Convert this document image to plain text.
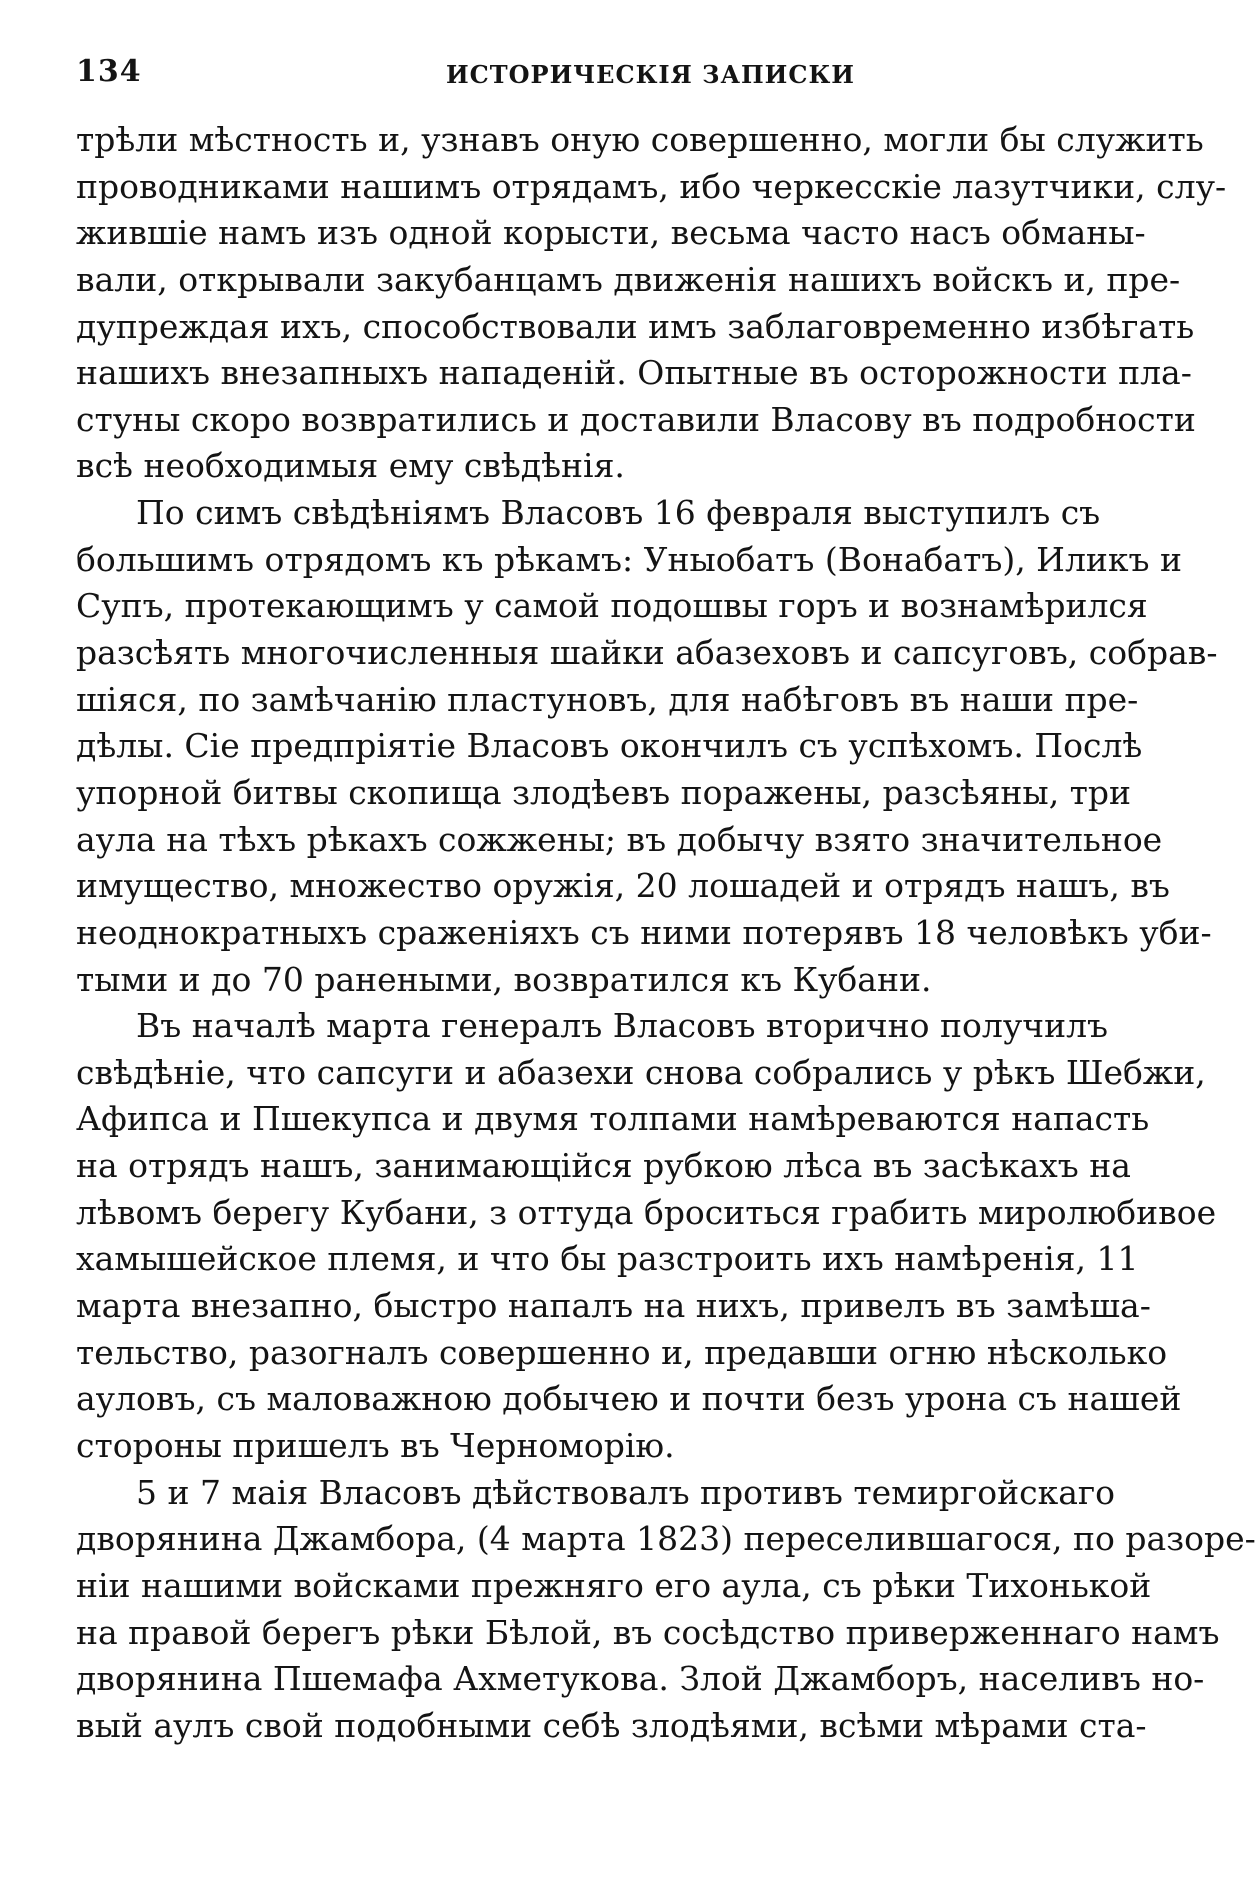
134	ИСТОРИЧЕСКІЯ ЗАПИСКИ
трѣли мѣстность и, узнавъ оную совершенно, могли бы служить
проводниками нашимъ отрядамъ, ибо черкесскіе лазутчики, слу-
жившіе намъ изъ одной корысти, весьма часто насъ обманы-
вали, открывали закубанцамъ движенія нашихъ войскъ и, пре-
дупреждая ихъ, способствовали имъ заблаговременно избѣгать
нашихъ внезапныхъ нападеній. Опытные въ осторожности пла-
стуны скоро возвратились и доставили Власову въ подробности
всѣ необходимыя ему свѣдѣнія.
По симъ свѣдѣніямъ Власовъ 16 февраля выступилъ съ
большимъ отрядомъ къ рѣкамъ: Уныобатъ (Вонабатъ), Иликъ и
Супъ, протекающимъ у самой подошвы горъ и вознамѣрился
разсѣять многочисленныя шайки абазеховъ и сапсуговъ, собрав-
шіяся, по замѣчанію пластуновъ, для набѣговъ въ наши пре-
дѣлы. Сіе предпріятіе Власовъ окончилъ съ успѣхомъ. Послѣ
упорной битвы скопища злодѣевъ поражены, разсѣяны, три
аула на тѣхъ рѣкахъ сожжены; въ добычу взято значительное
имущество, множество оружія, 20 лошадей и отрядъ нашъ, въ
неоднократныхъ сраженіяхъ съ ними потерявъ 18 человѣкъ уби-
тыми и до 70 ранеными, возвратился къ Кубани.
Въ началѣ марта генералъ Власовъ вторично получилъ
свѣдѣніе, что сапсуги и абазехи снова собрались у рѣкъ Шебжи,
Афипса и Пшекупса и двумя толпами намѣреваются напасть
на отрядъ нашъ, занимающійся рубкою лѣса въ засѣкахъ на
лѣвомъ берегу Кубани, з оттуда броситься грабить миролюбивое
хамышейское племя, и что бы разстроить ихъ намѣренія, 11
марта внезапно, быстро напалъ на нихъ, привелъ въ замѣша-
тельство, разогналъ совершенно и, предавши огню нѣсколько
ауловъ, съ маловажною добычею и почти безъ урона съ нашей
стороны пришелъ въ Черноморію.
5 и 7 маія Власовъ дѣйствовалъ противъ темиргойскаго
дворянина Джамбора, (4 марта 1823) переселившагося, по разоре-
ніи нашими войсками прежняго его аула, съ рѣки Тихонькой
на правой берегъ рѣки Бѣлой, въ сосѣдство приверженнаго намъ
дворянина Пшемафа Ахметукова. Злой Джамборъ, населивъ но-
вый аулъ свой подобными себѣ злодѣями, всѣми мѣрами ста-
